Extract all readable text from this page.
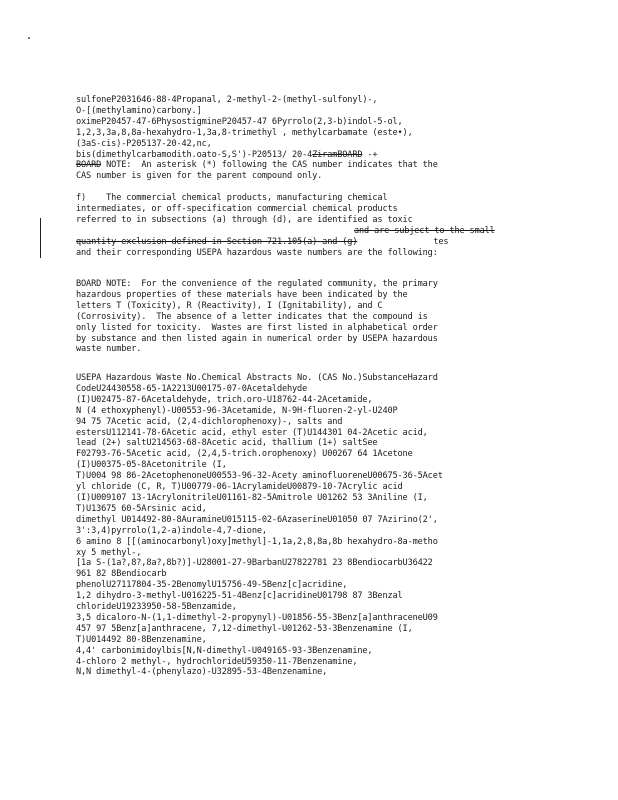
sulfoneP2031646-88-4Propanal, 2-methyl-2-(methyl-sulfonyl)-,
O-[(methylamino)carbony.]
oximeP20457-47-6PhysostigmineP20457-47 6Pyrrolo(2,3-b)indol-5-ol,
1,2,3,3a,8,8a-hexahydro-1,3a,8-trimethyl , methylcarbamate (este•),
(3aS-cis)-P205137-20-42,nc,
bis(dimethylcarbamodith.oato-S,S')-P20513/ 20-4ZiramBOARD -+
BOARD NOTE:  An asterisk (*) following the CAS number indicates that the
CAS number is given for the parent compound only.
f)    The commercial chemical products, manufacturing chemical
intermediates, or off-specification commercial chemical products
referred to in subsections (a) through (d), are identified as toxic
and are subject to the small
quantity exclusion defined in Section 721.105(a) and (g)	tes
and their corresponding USEPA hazardous waste numbers are the following:
BOARD NOTE:  For the convenience of the regulated community, the primary
hazardous properties of these materials have been indicated by the
letters T (Toxicity), R (Reactivity), I (Ignitability), and C
(Corrosivity).  The absence of a letter indicates that the compound is
only listed for toxicity.  Wastes are first listed in alphabetical order
by substance and then listed again in numerical order by USEPA hazardous
waste number.
USEPA Hazardous Waste No.Chemical Abstracts No. (CAS No.)SubstanceHazard
CodeU24430558-65-1A2213U00175-07-0Acetaldehyde
(I)U02475-87-6Acetaldehyde, trich.oro-U18762-44-2Acetamide,
N (4 ethoxyphenyl)-U00553-96-3Acetamide, N-9H-fluoren-2-yl-U240P
94 75 7Acetic acid, (2,4-dichlorophenoxy)-, salts and
estersU112141-78-6Acetic acid, ethyl ester (T)U144301 04-2Acetic acid,
lead (2+) saltU214563-68-8Acetic acid, thallium (1+) saltSee
F02793-76-5Acetic acid, (2,4,5-trich.orophenoxy) U00267 64 1Acetone
(I)U00375-05-8Acetonitrile (I,
T)U004 98 86-2AcetophenoneU00553-96-32-Acety aminofluoreneU00675-36-5Acet
yl chloride (C, R, T)U00779-06-1AcrylamideU00879-10-7Acrylic acid
(I)U009107 13-1AcrylonitrileU01161-82-5Amitrole U01262 53 3Aniline (I,
T)U13675 60-5Arsinic acid,
dimethyl U014492-80-8AuramineU015115-02-6AzaserineU01050 07 7Azirino(2',
3':3,4)pyrrolo(1,2-a)indole-4,7-dione,
6 amino 8 [[(aminocarbonyl)oxy]methyl]-1,1a,2,8,8a,8b hexahydro-8a-metho
xy 5 methyl-,
[1a S-(1a?,8?,8a?,8b?)]-U28001-27-9BarbanU27822781 23 8BendiocarbU36422
961 82 8Bendiocarb
phenolU27117804-35-2BenomylU15756-49-5Benz[c]acridine,
1,2 dihydro-3-methyl-U016225-51-4Benz[c]acridineU01798 87 3Benzal
chlorideU19233950-58-5Benzamide,
3,5 dicaloro-N-(1,1-dimethyl-2-propynyl)-U01856-55-3Benz[a]anthraceneU09
457 97 5Benz[a]anthracene, 7,12-dimethyl-U01262-53-3Benzenamine (I,
T)U014492 80-8Benzenamine,
4,4' carbonimidoylbis[N,N-dimethyl-U049165-93-3Benzenamine,
4-chloro 2 methyl-, hydrochlorideU59350-11-7Benzenamine,
N,N dimethyl-4-(phenylazo)-U32895-53-4Benzenamine,
